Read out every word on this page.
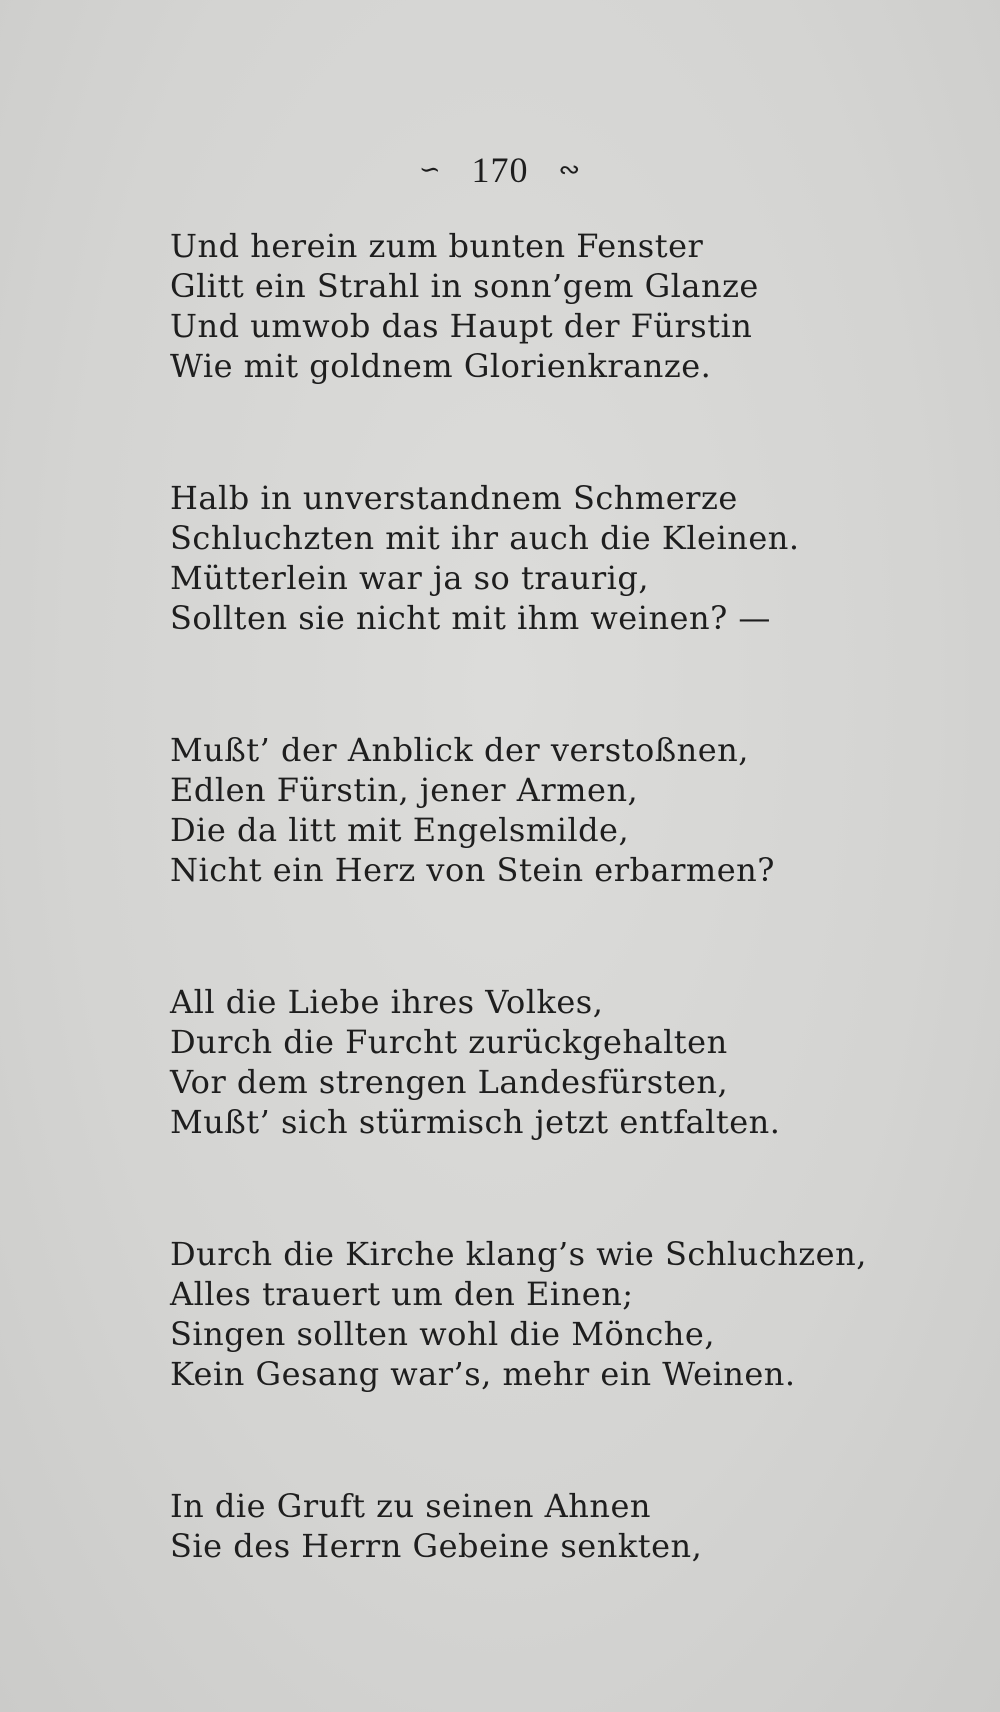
∽ 170 ∾
Und herein zum bunten Fenster
Glitt ein Strahl in sonn’gem Glanze
Und umwob das Haupt der Fürstin
Wie mit goldnem Glorienkranze.
Halb in unverstandnem Schmerze
Schluchzten mit ihr auch die Kleinen.
Mütterlein war ja so traurig,
Sollten sie nicht mit ihm weinen? —
Mußt’ der Anblick der verstoßnen,
Edlen Fürstin, jener Armen,
Die da litt mit Engelsmilde,
Nicht ein Herz von Stein erbarmen?
All die Liebe ihres Volkes,
Durch die Furcht zurückgehalten
Vor dem strengen Landesfürsten,
Mußt’ sich stürmisch jetzt entfalten.
Durch die Kirche klang’s wie Schluchzen,
Alles trauert um den Einen;
Singen sollten wohl die Mönche,
Kein Gesang war’s, mehr ein Weinen.
In die Gruft zu seinen Ahnen
Sie des Herrn Gebeine senkten,
